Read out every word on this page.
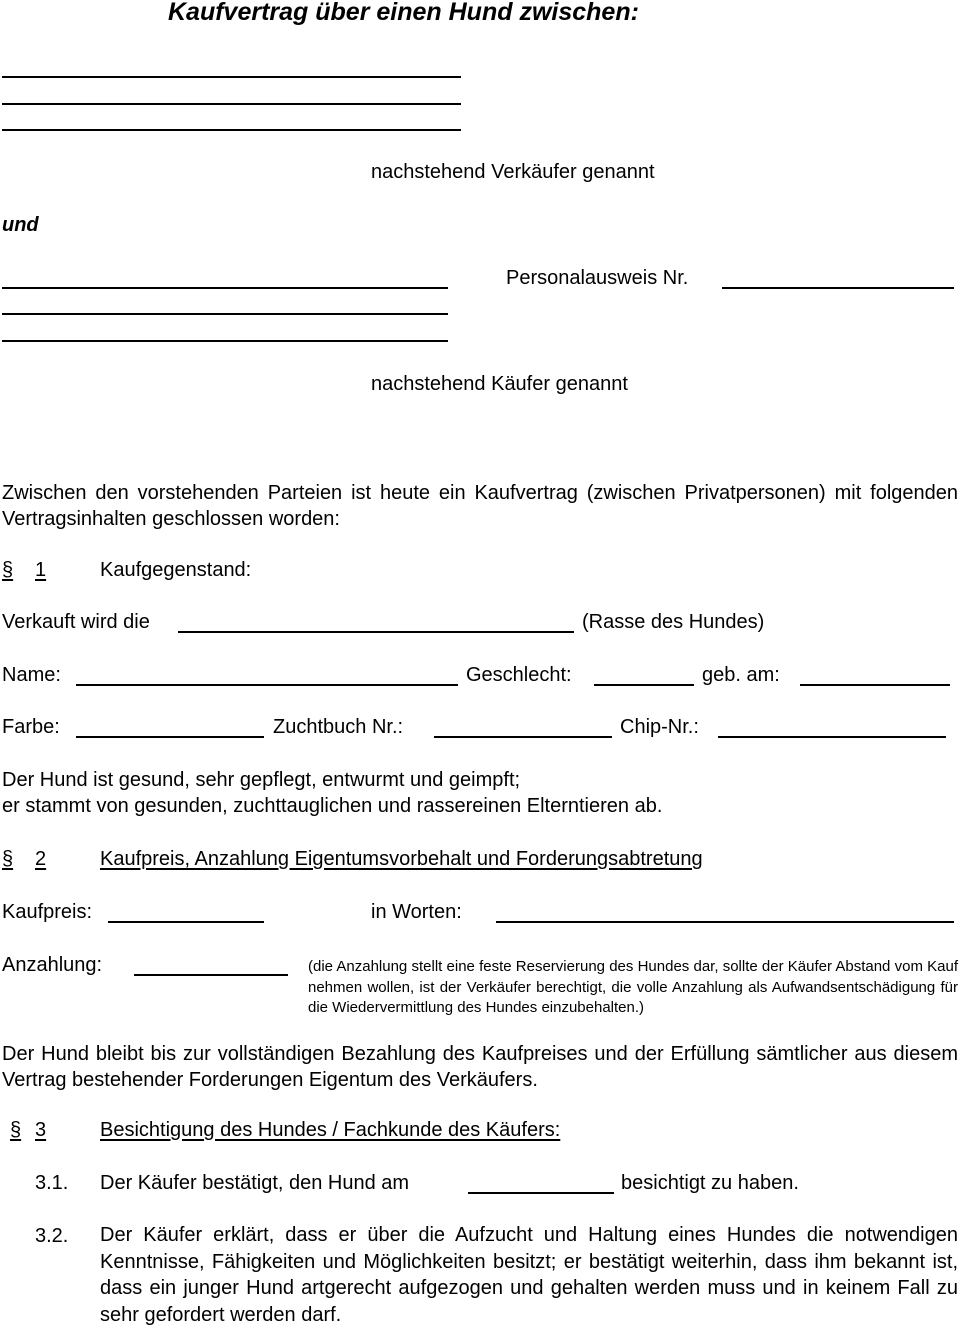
Kaufvertrag über einen Hund zwischen:
nachstehend Verkäufer genannt
und
Personalausweis Nr.
nachstehend Käufer genannt
Zwischen den vorstehenden Parteien ist heute ein Kaufvertrag (zwischen Privatpersonen) mit folgenden Vertragsinhalten geschlossen worden:
§ 1	Kaufgegenstand:
Verkauft wird die	(Rasse des Hundes)
Name:	Geschlecht:	geb. am:
Farbe:	Zuchtbuch Nr.:	Chip-Nr.:
Der Hund ist gesund, sehr gepflegt, entwurmt und geimpft;
er stammt von gesunden, zuchttauglichen und rassereinen Elterntieren ab.
§ 2	Kaufpreis, Anzahlung Eigentumsvorbehalt und Forderungsabtretung
Kaufpreis:	in Worten:
Anzahlung:	(die Anzahlung stellt eine feste Reservierung des Hundes dar, sollte der Käufer Abstand vom Kauf nehmen wollen, ist der Verkäufer berechtigt, die volle Anzahlung als Aufwandsentschädigung für die Wiedervermittlung des Hundes einzubehalten.)
Der Hund bleibt bis zur vollständigen Bezahlung des Kaufpreises und der Erfüllung sämtlicher aus diesem Vertrag bestehender Forderungen Eigentum des Verkäufers.
§ 3	Besichtigung des Hundes / Fachkunde des Käufers:
3.1. Der Käufer bestätigt, den Hund am	besichtigt zu haben.
3.2. Der Käufer erklärt, dass er über die Aufzucht und Haltung eines Hundes die notwendigen Kenntnisse, Fähigkeiten und Möglichkeiten besitzt; er bestätigt weiterhin, dass ihm bekannt ist, dass ein junger Hund artgerecht aufgezogen und gehalten werden muss und in keinem Fall zu sehr gefordert werden darf.
